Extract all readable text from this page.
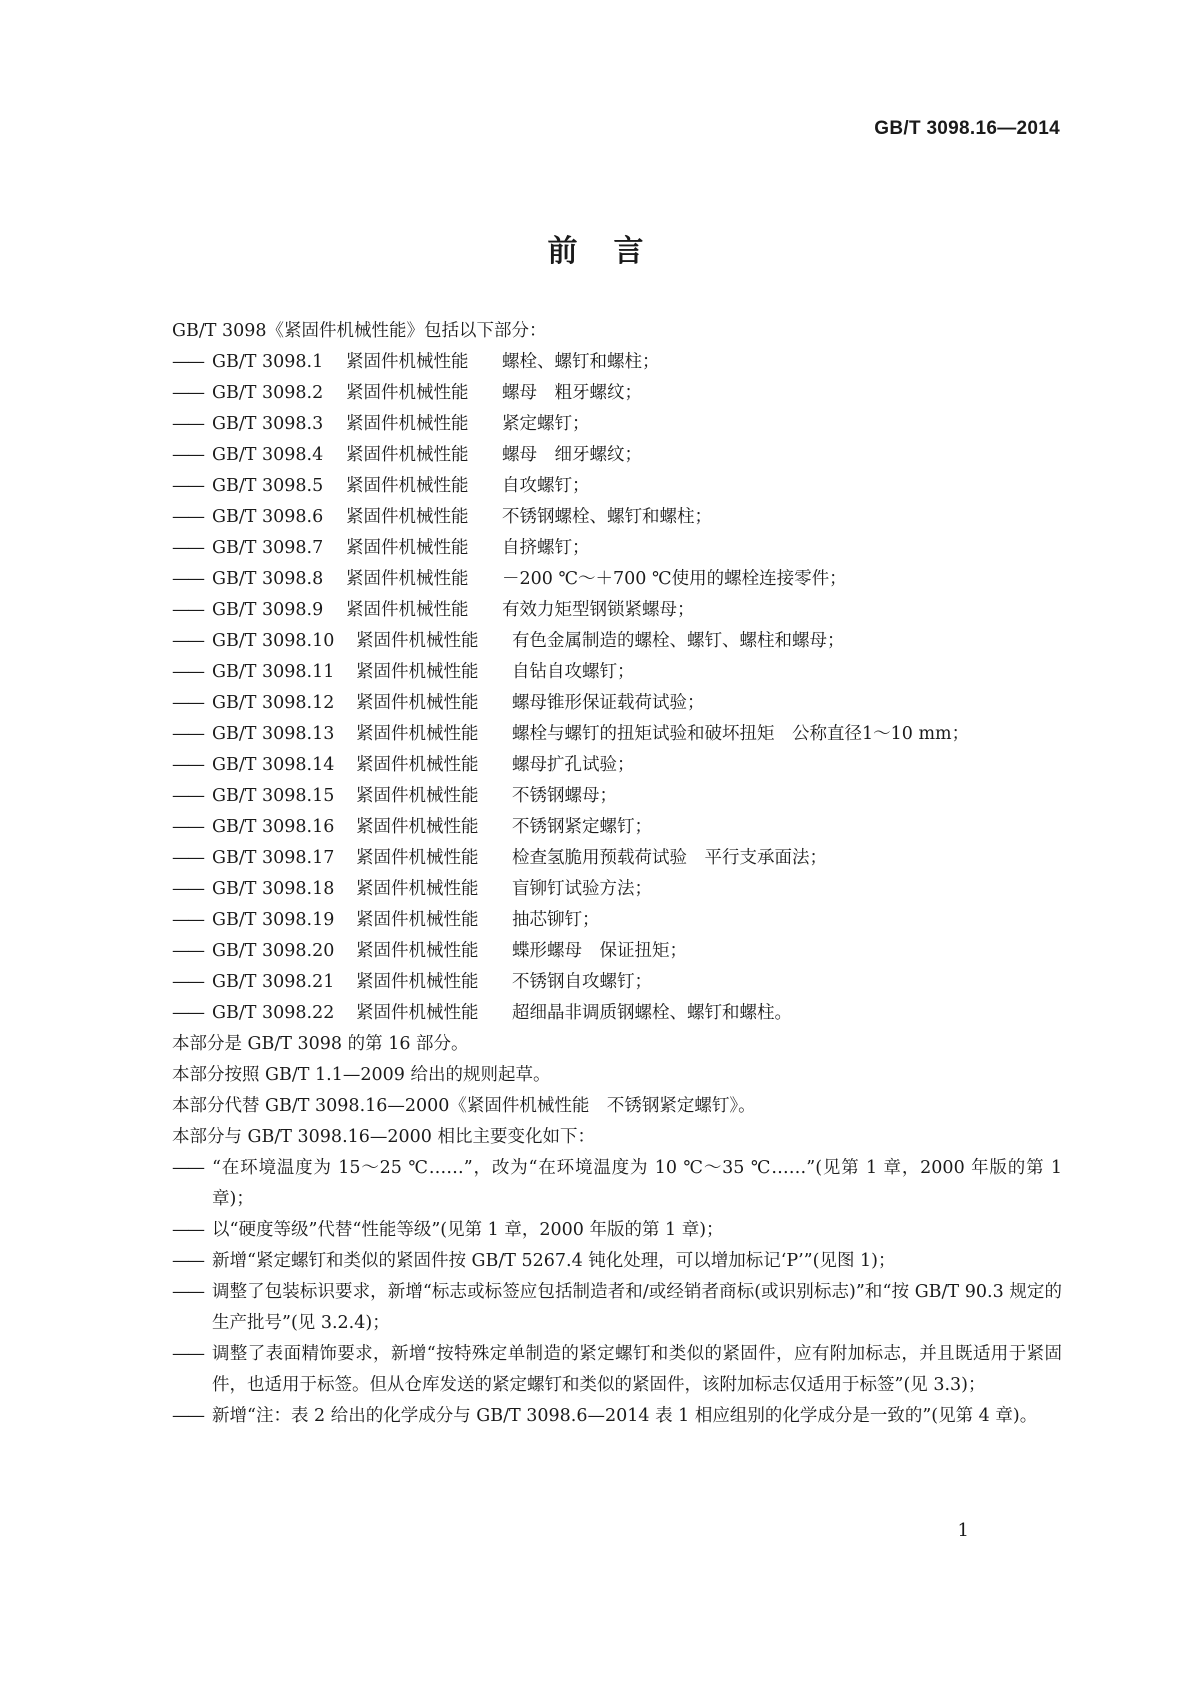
GB/T 3098.16—2014
前言
GB/T 3098《紧固件机械性能》包括以下部分：
—— GB/T 3098.1	紧固件机械性能	螺栓、螺钉和螺柱；
—— GB/T 3098.2	紧固件机械性能	螺母　粗牙螺纹；
—— GB/T 3098.3	紧固件机械性能	紧定螺钉；
—— GB/T 3098.4	紧固件机械性能	螺母　细牙螺纹；
—— GB/T 3098.5	紧固件机械性能	自攻螺钉；
—— GB/T 3098.6	紧固件机械性能	不锈钢螺栓、螺钉和螺柱；
—— GB/T 3098.7	紧固件机械性能	自挤螺钉；
—— GB/T 3098.8	紧固件机械性能	－200 ℃～＋700 ℃使用的螺栓连接零件；
—— GB/T 3098.9	紧固件机械性能	有效力矩型钢锁紧螺母；
—— GB/T 3098.10	紧固件机械性能	有色金属制造的螺栓、螺钉、螺柱和螺母；
—— GB/T 3098.11	紧固件机械性能	自钻自攻螺钉；
—— GB/T 3098.12	紧固件机械性能	螺母锥形保证载荷试验；
—— GB/T 3098.13	紧固件机械性能	螺栓与螺钉的扭矩试验和破坏扭矩　公称直径1～10 mm；
—— GB/T 3098.14	紧固件机械性能	螺母扩孔试验；
—— GB/T 3098.15	紧固件机械性能	不锈钢螺母；
—— GB/T 3098.16	紧固件机械性能	不锈钢紧定螺钉；
—— GB/T 3098.17	紧固件机械性能	检查氢脆用预载荷试验　平行支承面法；
—— GB/T 3098.18	紧固件机械性能	盲铆钉试验方法；
—— GB/T 3098.19	紧固件机械性能	抽芯铆钉；
—— GB/T 3098.20	紧固件机械性能	蝶形螺母　保证扭矩；
—— GB/T 3098.21	紧固件机械性能	不锈钢自攻螺钉；
—— GB/T 3098.22	紧固件机械性能	超细晶非调质钢螺栓、螺钉和螺柱。
本部分是 GB/T 3098 的第 16 部分。
本部分按照 GB/T 1.1—2009 给出的规则起草。
本部分代替 GB/T 3098.16—2000《紧固件机械性能　不锈钢紧定螺钉》。
本部分与 GB/T 3098.16—2000 相比主要变化如下：
—— “在环境温度为 15～25 ℃……”，改为“在环境温度为 10 ℃～35 ℃……”(见第 1 章，2000 年版的第 1 章)；
—— 以“硬度等级”代替“性能等级”(见第 1 章，2000 年版的第 1 章)；
—— 新增“紧定螺钉和类似的紧固件按 GB/T 5267.4 钝化处理，可以增加标记‘P’”(见图 1)；
—— 调整了包装标识要求，新增“标志或标签应包括制造者和/或经销者商标(或识别标志)”和“按 GB/T 90.3 规定的生产批号”(见 3.2.4)；
—— 调整了表面精饰要求，新增“按特殊定单制造的紧定螺钉和类似的紧固件，应有附加标志，并且既适用于紧固件，也适用于标签。但从仓库发送的紧定螺钉和类似的紧固件，该附加标志仅适用于标签”(见 3.3)；
—— 新增“注：表 2 给出的化学成分与 GB/T 3098.6—2014 表 1 相应组别的化学成分是一致的”(见第 4 章)。
1
